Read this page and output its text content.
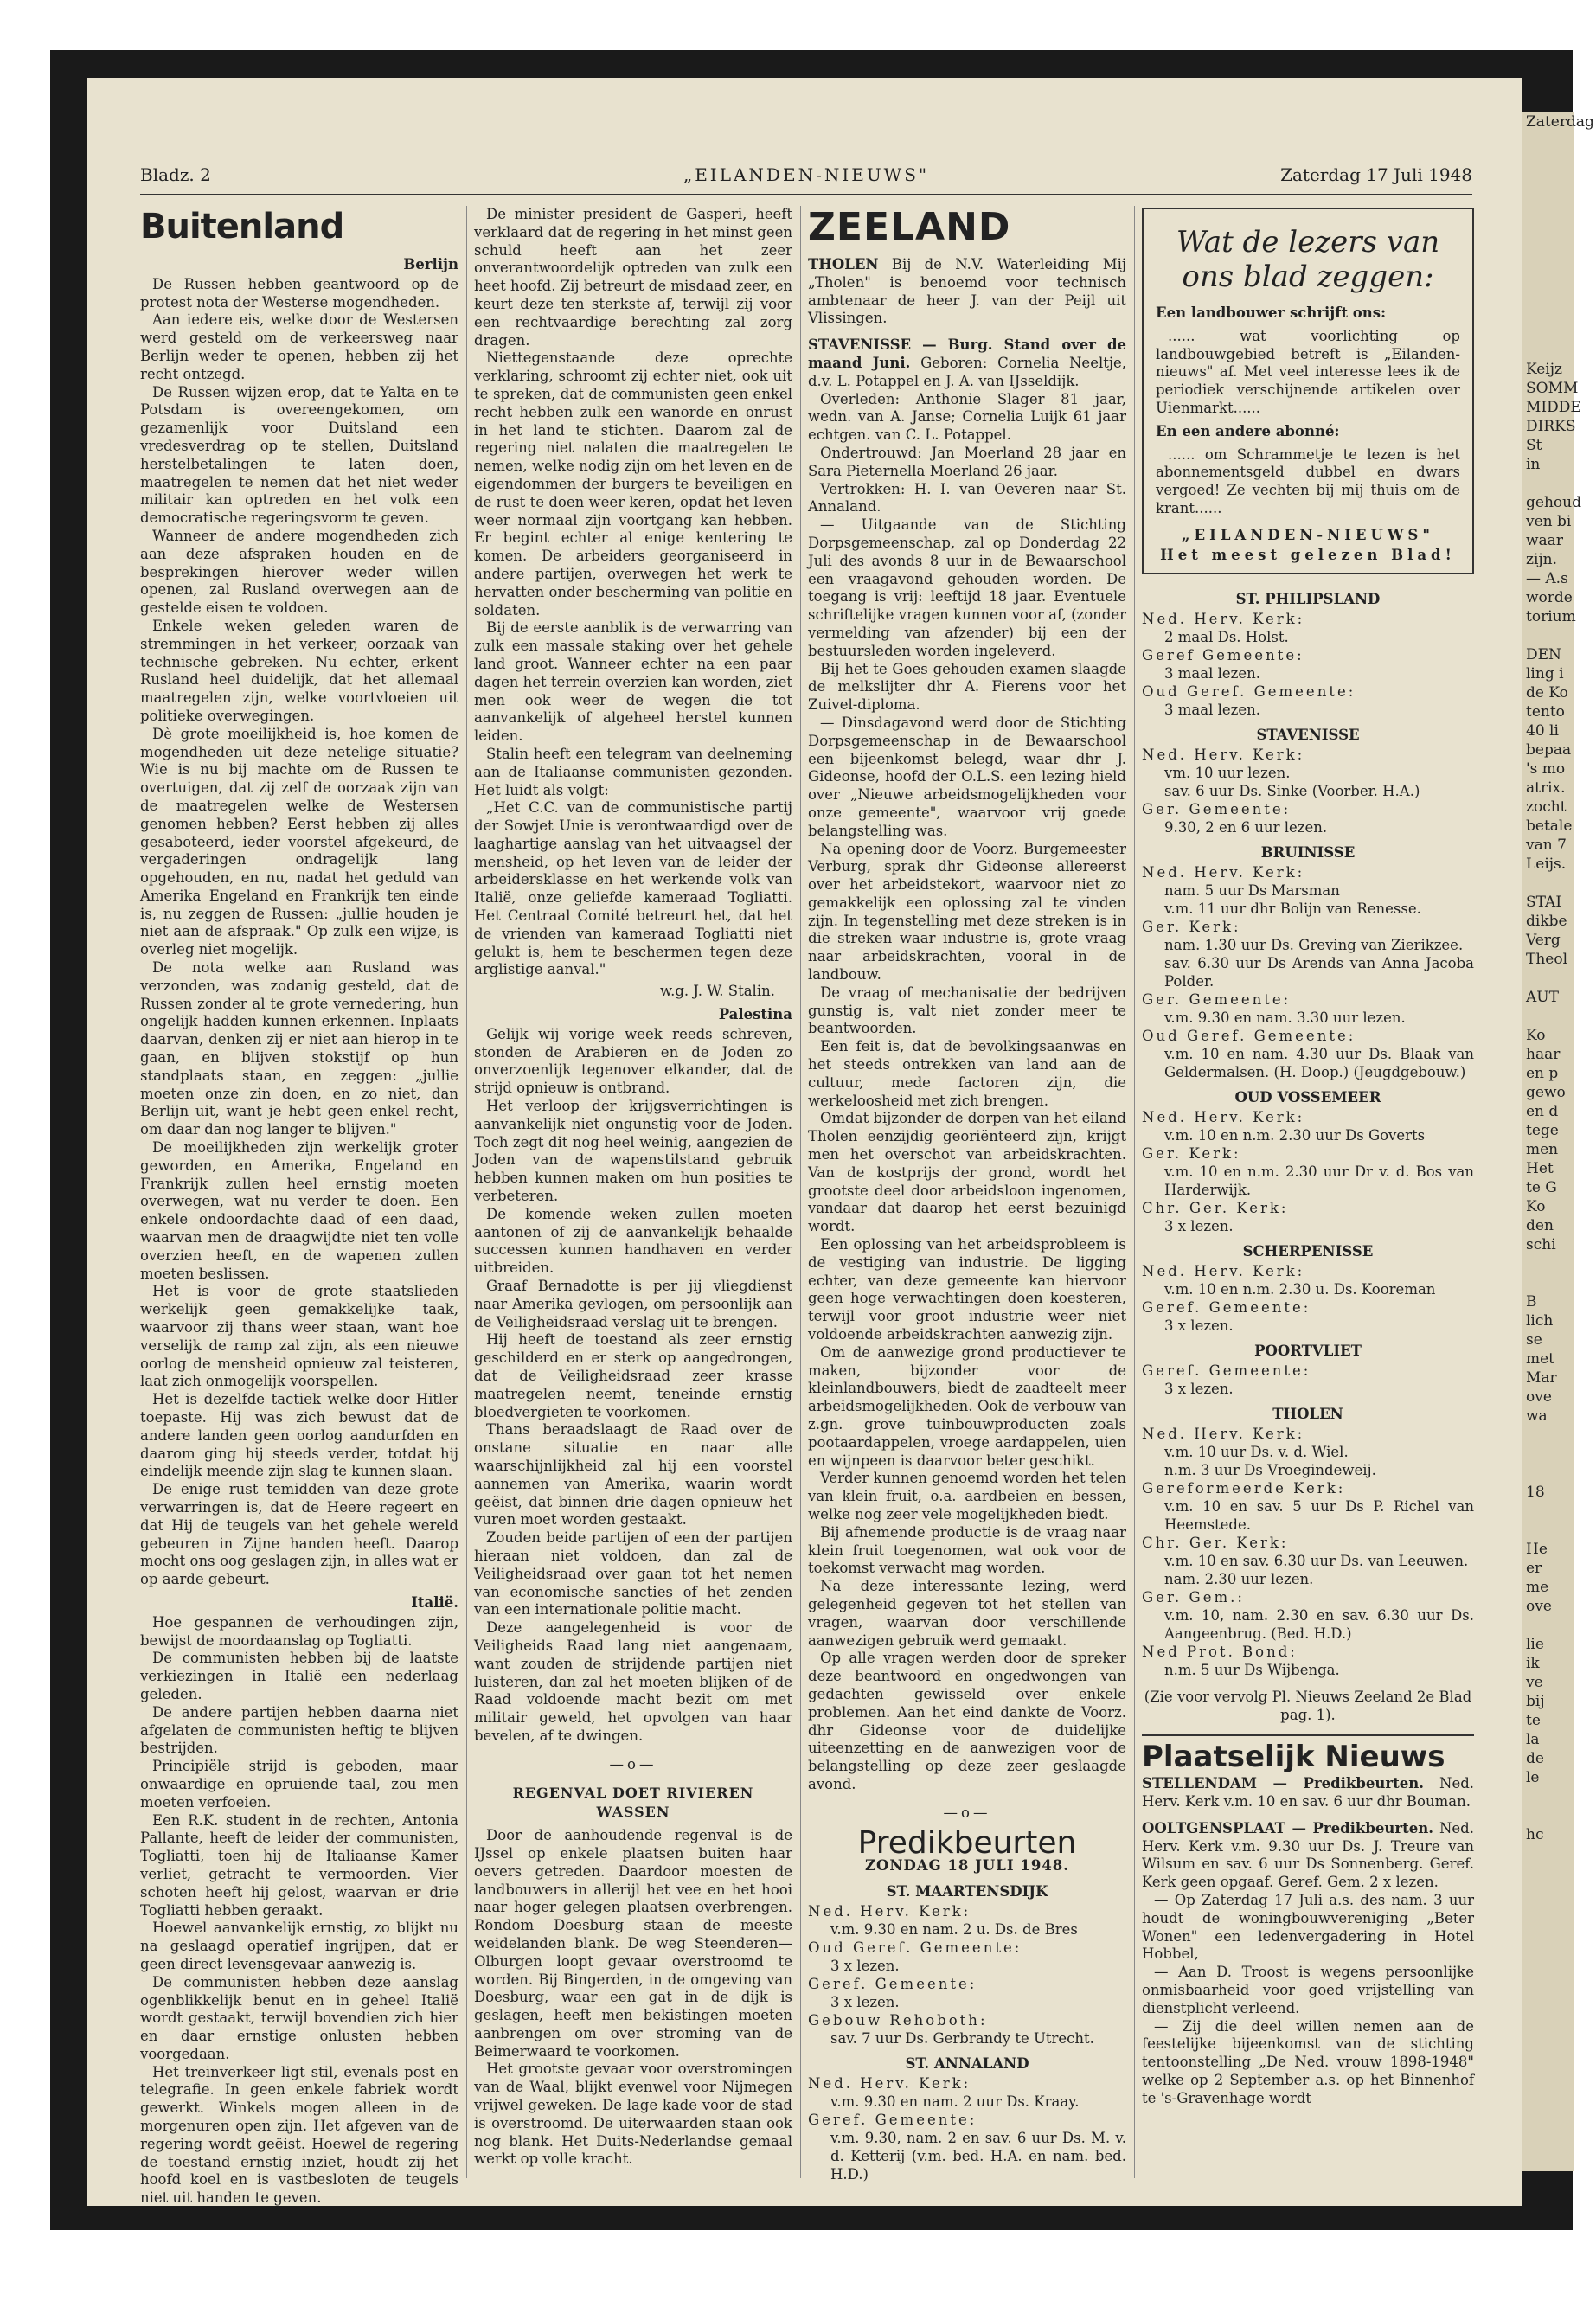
Bladz. 2	„EILANDEN-NIEUWS"	Zaterdag 17 Juli 1948
Buitenland
Berlijn

De Russen hebben geantwoord op de protest nota der Westerse mogendheden.

Aan iedere eis, welke door de Westersen werd gesteld om de verkeersweg naar Berlijn weder te openen, hebben zij het recht ontzegd.

De Russen wijzen erop, dat te Yalta en te Potsdam is overeengekomen, om gezamenlijk voor Duitsland een vredesverdrag op te stellen, Duitsland herstelbetalingen te laten doen, maatregelen te nemen dat het niet weder militair kan optreden en het volk een democratische regeringsvorm te geven.

Wanneer de andere mogendheden zich aan deze afspraken houden en de besprekingen hierover weder willen openen, zal Rusland overwegen aan de gestelde eisen te voldoen.

Enkele weken geleden waren de stremmingen in het verkeer, oorzaak van technische gebreken. Nu echter, erkent Rusland heel duidelijk, dat het allemaal maatregelen zijn, welke voortvloeien uit politieke overwegingen.

Dè grote moeilijkheid is, hoe komen de mogendheden uit deze netelige situatie? Wie is nu bij machte om de Russen te overtuigen, dat zij zelf de oorzaak zijn van de maatregelen welke de Westersen genomen hebben? Eerst hebben zij alles gesaboteerd, ieder voorstel afgekeurd, de vergaderingen ondragelijk lang opgehouden, en nu, nadat het geduld van Amerika Engeland en Frankrijk ten einde is, nu zeggen de Russen: „jullie houden je niet aan de afspraak." Op zulk een wijze, is overleg niet mogelijk.

De nota welke aan Rusland was verzonden, was zodanig gesteld, dat de Russen zonder al te grote vernedering, hun ongelijk hadden kunnen erkennen. Inplaats daarvan, denken zij er niet aan hierop in te gaan, en blijven stokstijf op hun standplaats staan, en zeggen: „jullie moeten onze zin doen, en zo niet, dan Berlijn uit, want je hebt geen enkel recht, om daar dan nog langer te blijven."

De moeilijkheden zijn werkelijk groter geworden, en Amerika, Engeland en Frankrijk zullen heel ernstig moeten overwegen, wat nu verder te doen. Een enkele ondoordachte daad of een daad, waarvan men de draagwijdte niet ten volle overzien heeft, en de wapenen zullen moeten beslissen.

Het is voor de grote staatslieden werkelijk geen gemakkelijke taak, waarvoor zij thans weer staan, want hoe verselijk de ramp zal zijn, als een nieuwe oorlog de mensheid opnieuw zal teisteren, laat zich onmogelijk voorspellen.

Het is dezelfde tactiek welke door Hitler toepaste. Hij was zich bewust dat de andere landen geen oorlog aandurfden en daarom ging hij steeds verder, totdat hij eindelijk meende zijn slag te kunnen slaan.

De enige rust temidden van deze grote verwarringen is, dat de Heere regeert en dat Hij de teugels van het gehele wereld gebeuren in Zijne handen heeft. Daarop mocht ons oog geslagen zijn, in alles wat er op aarde gebeurt.

Italië.

Hoe gespannen de verhoudingen zijn, bewijst de moordaanslag op Togliatti.

De communisten hebben bij de laatste verkiezingen in Italië een nederlaag geleden.

De andere partijen hebben daarna niet afgelaten de communisten heftig te blijven bestrijden.

Principiële strijd is geboden, maar onwaardige en opruiende taal, zou men moeten verfoeien.

Een R.K. student in de rechten, Antonia Pallante, heeft de leider der communisten, Togliatti, toen hij de Italiaanse Kamer verliet, getracht te vermoorden. Vier schoten heeft hij gelost, waarvan er drie Togliatti hebben geraakt.

Hoewel aanvankelijk ernstig, zo blijkt nu na geslaagd operatief ingrijpen, dat er geen direct levensgevaar aanwezig is.

De communisten hebben deze aanslag ogenblikkelijk benut en in geheel Italië wordt gestaakt, terwijl bovendien zich hier en daar ernstige onlusten hebben voorgedaan.

Het treinverkeer ligt stil, evenals post en telegrafie. In geen enkele fabriek wordt gewerkt. Winkels mogen alleen in de morgenuren open zijn. Het afgeven van de regering wordt geëist. Hoewel de regering de toestand ernstig inziet, houdt zij het hoofd koel en is vastbesloten de teugels niet uit handen te geven.

De minister president de Gasperi, heeft verklaard dat de regering in het minst geen schuld heeft aan het zeer onverantwoordelijk optreden van zulk een heet hoofd. Zij betreurt de misdaad zeer, en keurt deze ten sterkste af, terwijl zij voor een rechtvaardige berechting zal zorg dragen.

Niettegenstaande deze oprechte verklaring, schroomt zij echter niet, ook uit te spreken, dat de communisten geen enkel recht hebben zulk een wanorde en onrust in het land te stichten. Daarom zal de regering niet nalaten die maatregelen te nemen, welke nodig zijn om het leven en de eigendommen der burgers te beveiligen en de rust te doen weer keren, opdat het leven weer normaal zijn voortgang kan hebben. Er begint echter al enige kentering te komen. De arbeiders georganiseerd in andere partijen, overwegen het werk te hervatten onder bescherming van politie en soldaten.

Bij de eerste aanblik is de verwarring van zulk een massale staking over het gehele land groot. Wanneer echter na een paar dagen het terrein overzien kan worden, ziet men ook weer de wegen die tot aanvankelijk of algeheel herstel kunnen leiden.

Stalin heeft een telegram van deelneming aan de Italiaanse communisten gezonden. Het luidt als volgt:

„Het C.C. van de communistische partij der Sowjet Unie is verontwaardigd over de laaghartige aanslag van het uitvaagsel der mensheid, op het leven van de leider der arbeidersklasse en het werkende volk van Italië, onze geliefde kameraad Togliatti. Het Centraal Comité betreurt het, dat het de vrienden van kameraad Togliatti niet gelukt is, hem te beschermen tegen deze arglistige aanval."

w.g. J. W. Stalin.
Palestina

Gelijk wij vorige week reeds schreven, stonden de Arabieren en de Joden zo onverzoenlijk tegenover elkander, dat de strijd opnieuw is ontbrand.

Het verloop der krijgsverrichtingen is aanvankelijk niet ongunstig voor de Joden. Toch zegt dit nog heel weinig, aangezien de Joden van de wapenstilstand gebruik hebben kunnen maken om hun posities te verbeteren.

De komende weken zullen moeten aantonen of zij de aanvankelijk behaalde successen kunnen handhaven en verder uitbreiden.

Graaf Bernadotte is per jij vliegdienst naar Amerika gevlogen, om persoonlijk aan de Veiligheidsraad verslag uit te brengen.

Hij heeft de toestand als zeer ernstig geschilderd en er sterk op aangedrongen, dat de Veiligheidsraad zeer krasse maatregelen neemt, teneinde ernstig bloedvergieten te voorkomen.

Thans beraadslaagt de Raad over de onstane situatie en naar alle waarschijnlijkheid zal hij een voorstel aannemen van Amerika, waarin wordt geëist, dat binnen drie dagen opnieuw het vuren moet worden gestaakt.

Zouden beide partijen of een der partijen hieraan niet voldoen, dan zal de Veiligheidsraad over gaan tot het nemen van economische sancties of het zenden van een internationale politie macht.

Deze aangelegenheid is voor de Veiligheids Raad lang niet aangenaam, want zouden de strijdende partijen niet luisteren, dan zal het moeten blijken of de Raad voldoende macht bezit om met militair geweld, het opvolgen van haar bevelen, af te dwingen.

—o—
REGENVAL DOET RIVIEREN
WASSEN

Door de aanhoudende regenval is de IJssel op enkele plaatsen buiten haar oevers getreden. Daardoor moesten de landbouwers in allerijl het vee en het hooi naar hoger gelegen plaatsen overbrengen. Rondom Doesburg staan de meeste weidelanden blank. De weg Steenderen—Olburgen loopt gevaar overstroomd te worden. Bij Bingerden, in de omgeving van Doesburg, waar een gat in de dijk is geslagen, heeft men bekistingen moeten aanbrengen om over stroming van de Beimerwaard te voorkomen.

Het grootste gevaar voor overstromingen van de Waal, blijkt evenwel voor Nijmegen vrijwel geweken. De lage kade voor de stad is overstroomd. De uiterwaarden staan ook nog blank. Het Duits-Nederlandse gemaal werkt op volle kracht.

ZEELAND

THOLEN Bij de N.V. Waterleiding Mij „Tholen" is benoemd voor technisch ambtenaar de heer J. van der Peijl uit Vlissingen.

STAVENISSE — Burg. Stand over de maand Juni. Geboren: Cornelia Neeltje, d.v. L. Potappel en J. A. van IJsseldijk.

Overleden: Anthonie Slager 81 jaar, wedn. van A. Janse; Cornelia Luijk 61 jaar echtgen. van C. L. Potappel.

Ondertrouwd: Jan Moerland 28 jaar en Sara Pieternella Moerland 26 jaar.

Vertrokken: H. I. van Oeveren naar St. Annaland.

— Uitgaande van de Stichting Dorpsgemeenschap, zal op Donderdag 22 Juli des avonds 8 uur in de Bewaarschool een vraagavond gehouden worden. De toegang is vrij: leeftijd 18 jaar. Eventuele schriftelijke vragen kunnen voor af, (zonder vermelding van afzender) bij een der bestuursleden worden ingeleverd.

Bij het te Goes gehouden examen slaagde de melkslijter dhr A. Fierens voor het Zuivel-diploma.

— Dinsdagavond werd door de Stichting Dorpsgemeenschap in de Bewaarschool een bijeenkomst belegd, waar dhr J. Gideonse, hoofd der O.L.S. een lezing hield over „Nieuwe arbeidsmogelijkheden voor onze gemeente", waarvoor vrij goede belangstelling was.

Na opening door de Voorz. Burgemeester Verburg, sprak dhr Gideonse allereerst over het arbeidstekort, waarvoor niet zo gemakkelijk een oplossing zal te vinden zijn. In tegenstelling met deze streken is in die streken waar industrie is, grote vraag naar arbeidskrachten, vooral in de landbouw.

De vraag of mechanisatie der bedrijven gunstig is, valt niet zonder meer te beantwoorden.

Een feit is, dat de bevolkingsaanwas en het steeds ontrekken van land aan de cultuur, mede factoren zijn, die werkeloosheid met zich brengen.

Omdat bijzonder de dorpen van het eiland Tholen eenzijdig georiënteerd zijn, krijgt men het overschot van arbeidskrachten. Van de kostprijs der grond, wordt het grootste deel door arbeidsloon ingenomen, vandaar dat daarop het eerst bezuinigd wordt.

Een oplossing van het arbeidsprobleem is de vestiging van industrie. De ligging echter, van deze gemeente kan hiervoor geen hoge verwachtingen doen koesteren, terwijl voor groot industrie weer niet voldoende arbeidskrachten aanwezig zijn.

Om de aanwezige grond productiever te maken, bijzonder voor de kleinlandbouwers, biedt de zaadteelt meer arbeidsmogelijkheden. Ook de verbouw van z.gn. grove tuinbouwproducten zoals pootaardappelen, vroege aardappelen, uien en wijnpeen is daarvoor beter geschikt.

Verder kunnen genoemd worden het telen van klein fruit, o.a. aardbeien en bessen, welke nog zeer vele mogelijkheden biedt.

Bij afnemende productie is de vraag naar klein fruit toegenomen, wat ook voor de toekomst verwacht mag worden.

Na deze interessante lezing, werd gelegenheid gegeven tot het stellen van vragen, waarvan door verschillende aanwezigen gebruik werd gemaakt.

Op alle vragen werden door de spreker deze beantwoord en ongedwongen van gedachten gewisseld over enkele problemen. Aan het eind dankte de Voorz. dhr Gideonse voor de duidelijke uiteenzetting en de aanwezigen voor de belangstelling op deze zeer geslaagde avond.

—o—
Predikbeurten
ZONDAG 18 JULI 1948.
ST. MAARTENSDIJK
Ned. Herv. Kerk:
v.m. 9.30 en nam. 2 u. Ds. de Bres
Oud Geref. Gemeente:
3 x lezen.
Geref. Gemeente:
3 x lezen.
Gebouw Rehoboth:
sav. 7 uur Ds. Gerbrandy te Utrecht.
ST. ANNALAND
Ned. Herv. Kerk:
v.m. 9.30 en nam. 2 uur Ds. Kraay.
Geref. Gemeente:
v.m. 9.30, nam. 2 en sav. 6 uur Ds. M. v. d. Ketterij (v.m. bed. H.A. en nam. bed. H.D.)
Wat de lezers van
ons blad zeggen:
Een landbouwer schrijft ons:

...... wat voorlichting op landbouwgebied betreft is „Eilanden-nieuws" af. Met veel interesse lees ik de periodiek verschijnende artikelen over Uienmarkt......

En een andere abonné:

...... om Schrammetje te lezen is het abonnementsgeld dubbel en dwars vergoed! Ze vechten bij mij thuis om de krant......

„EILANDEN-NIEUWS"
Het meest gelezen Blad!
ST. PHILIPSLAND
Ned. Herv. Kerk:
2 maal Ds. Holst.
Geref Gemeente:
3 maal lezen.
Oud Geref. Gemeente:
3 maal lezen.
STAVENISSE
Ned. Herv. Kerk:
vm. 10 uur lezen.
sav. 6 uur Ds. Sinke (Voorber. H.A.)
Ger. Gemeente:
9.30, 2 en 6 uur lezen.
BRUINISSE
Ned. Herv. Kerk:
nam. 5 uur Ds Marsman
v.m. 11 uur dhr Bolijn van Renesse.
Ger. Kerk:
nam. 1.30 uur Ds. Greving van Zierikzee.
sav. 6.30 uur Ds Arends van Anna Jacoba Polder.
Ger. Gemeente:
v.m. 9.30 en nam. 3.30 uur lezen.
Oud Geref. Gemeente:
v.m. 10 en nam. 4.30 uur Ds. Blaak van Geldermalsen. (H. Doop.) (Jeugdgebouw.)
OUD VOSSEMEER
Ned. Herv. Kerk:
v.m. 10 en n.m. 2.30 uur Ds Goverts
Ger. Kerk:
v.m. 10 en n.m. 2.30 uur Dr v. d. Bos van Harderwijk.
Chr. Ger. Kerk:
3 x lezen.
SCHERPENISSE
Ned. Herv. Kerk:
v.m. 10 en n.m. 2.30 u. Ds. Kooreman
Geref. Gemeente:
3 x lezen.
POORTVLIET
Geref. Gemeente:
3 x lezen.
THOLEN
Ned. Herv. Kerk:
v.m. 10 uur Ds. v. d. Wiel.
n.m. 3 uur Ds Vroegindeweij.
Gereformeerde Kerk:
v.m. 10 en sav. 5 uur Ds P. Richel van Heemstede.
Chr. Ger. Kerk:
v.m. 10 en sav. 6.30 uur Ds. van Leeuwen.
nam. 2.30 uur lezen.
Ger. Gem.:
v.m. 10, nam. 2.30 en sav. 6.30 uur Ds. Aangeenbrug. (Bed. H.D.)
Ned Prot. Bond:
n.m. 5 uur Ds Wijbenga.
(Zie voor vervolg Pl. Nieuws Zeeland 2e Blad pag. 1).
Plaatselijk Nieuws

STELLENDAM — Predikbeurten. Ned. Herv. Kerk v.m. 10 en sav. 6 uur dhr Bouman.

OOLTGENSPLAAT — Predikbeurten. Ned. Herv. Kerk v.m. 9.30 uur Ds. J. Treure van Wilsum en sav. 6 uur Ds Sonnenberg. Geref. Kerk geen opgaaf. Geref. Gem. 2 x lezen.

— Op Zaterdag 17 Juli a.s. des nam. 3 uur houdt de woningbouwvereniging „Beter Wonen" een ledenvergadering in Hotel Hobbel,

— Aan D. Troost is wegens persoonlijke onmisbaarheid voor goed vrijstelling van dienstplicht verleend.

— Zij die deel willen nemen aan de feestelijke bijeenkomst van de stichting tentoonstelling „De Ned. vrouw 1898-1948" welke op 2 September a.s. op het Binnenhof te 's-Gravenhage wordt

Zaterdag

Keijz
SOMM
MIDDE
DIRKS
St
in

gehoud
ven bi
waar
zijn.
— A.s
worde
torium

DEN
ling i
de Ko
tento
40 li
bepaa
's mo
atrix.
zocht
betale
van 7
Leijs.

STAI
dikbe
Verg
Theol

AUT

Ko
haar
en p
gewo
en d
tege
men
Het
te G
Ko
den
schi

B
lich
se
met
Mar
ove
wa

18

He
er
me
ove

lie
ik
ve
bij
te
la
de
le

hc
